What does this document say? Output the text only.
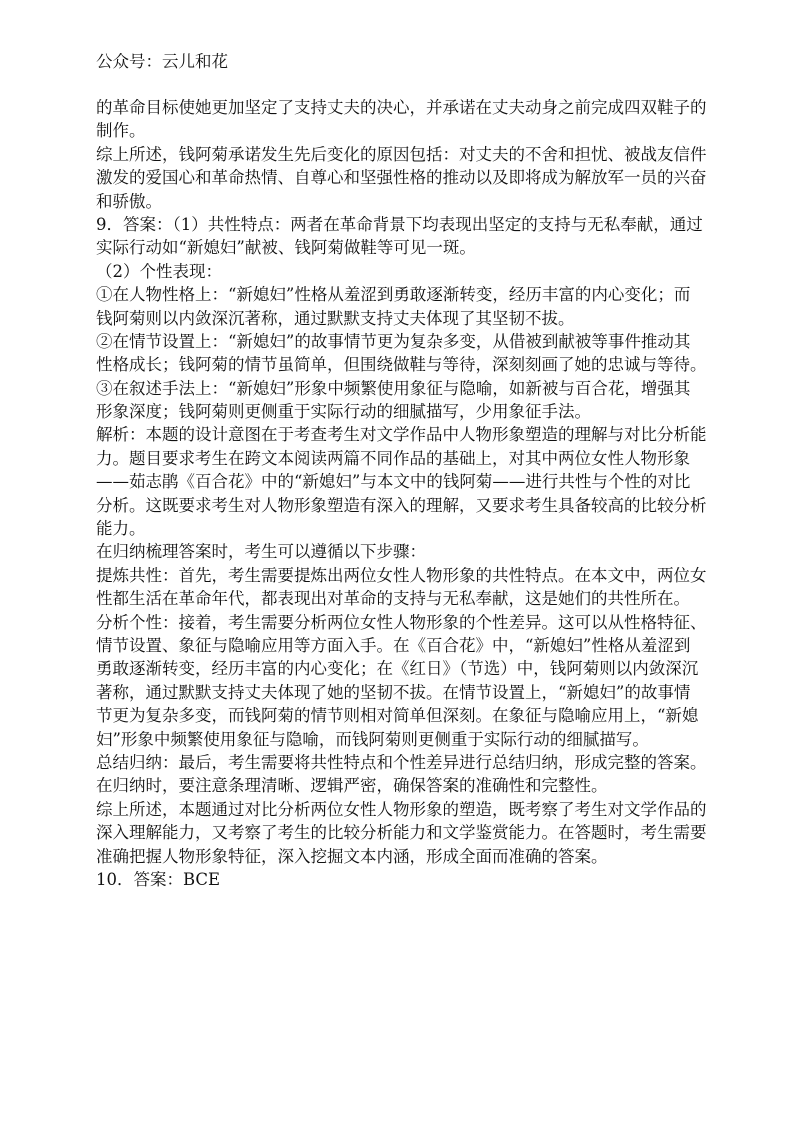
公众号：云儿和花
的革命目标使她更加坚定了支持丈夫的决心，并承诺在丈夫动身之前完成四双鞋子的
制作。
综上所述，钱阿菊承诺发生先后变化的原因包括：对丈夫的不舍和担忧、被战友信件
激发的爱国心和革命热情、自尊心和坚强性格的推动以及即将成为解放军一员的兴奋
和骄傲。
9．答案：（1）共性特点：两者在革命背景下均表现出坚定的支持与无私奉献，通过
实际行动如“新媳妇”献被、钱阿菊做鞋等可见一斑。
（2）个性表现：
①在人物性格上：“新媳妇”性格从羞涩到勇敢逐渐转变，经历丰富的内心变化；而
钱阿菊则以内敛深沉著称，通过默默支持丈夫体现了其坚韧不拔。
②在情节设置上：“新媳妇”的故事情节更为复杂多变，从借被到献被等事件推动其
性格成长；钱阿菊的情节虽简单，但围绕做鞋与等待，深刻刻画了她的忠诚与等待。
③在叙述手法上：“新媳妇”形象中频繁使用象征与隐喻，如新被与百合花，增强其
形象深度；钱阿菊则更侧重于实际行动的细腻描写，少用象征手法。
解析：本题的设计意图在于考查考生对文学作品中人物形象塑造的理解与对比分析能
力。题目要求考生在跨文本阅读两篇不同作品的基础上，对其中两位女性人物形象
——茹志鹃《百合花》中的“新媳妇”与本文中的钱阿菊——进行共性与个性的对比
分析。这既要求考生对人物形象塑造有深入的理解，又要求考生具备较高的比较分析
能力。
在归纳梳理答案时，考生可以遵循以下步骤：
提炼共性：首先，考生需要提炼出两位女性人物形象的共性特点。在本文中，两位女
性都生活在革命年代，都表现出对革命的支持与无私奉献，这是她们的共性所在。
分析个性：接着，考生需要分析两位女性人物形象的个性差异。这可以从性格特征、
情节设置、象征与隐喻应用等方面入手。在《百合花》中，“新媳妇”性格从羞涩到
勇敢逐渐转变，经历丰富的内心变化；在《红日》（节选）中，钱阿菊则以内敛深沉
著称，通过默默支持丈夫体现了她的坚韧不拔。在情节设置上，“新媳妇”的故事情
节更为复杂多变，而钱阿菊的情节则相对简单但深刻。在象征与隐喻应用上，“新媳
妇”形象中频繁使用象征与隐喻，而钱阿菊则更侧重于实际行动的细腻描写。
总结归纳：最后，考生需要将共性特点和个性差异进行总结归纳，形成完整的答案。
在归纳时，要注意条理清晰、逻辑严密，确保答案的准确性和完整性。
综上所述，本题通过对比分析两位女性人物形象的塑造，既考察了考生对文学作品的
深入理解能力，又考察了考生的比较分析能力和文学鉴赏能力。在答题时，考生需要
准确把握人物形象特征，深入挖掘文本内涵，形成全面而准确的答案。
10．答案：BCE
